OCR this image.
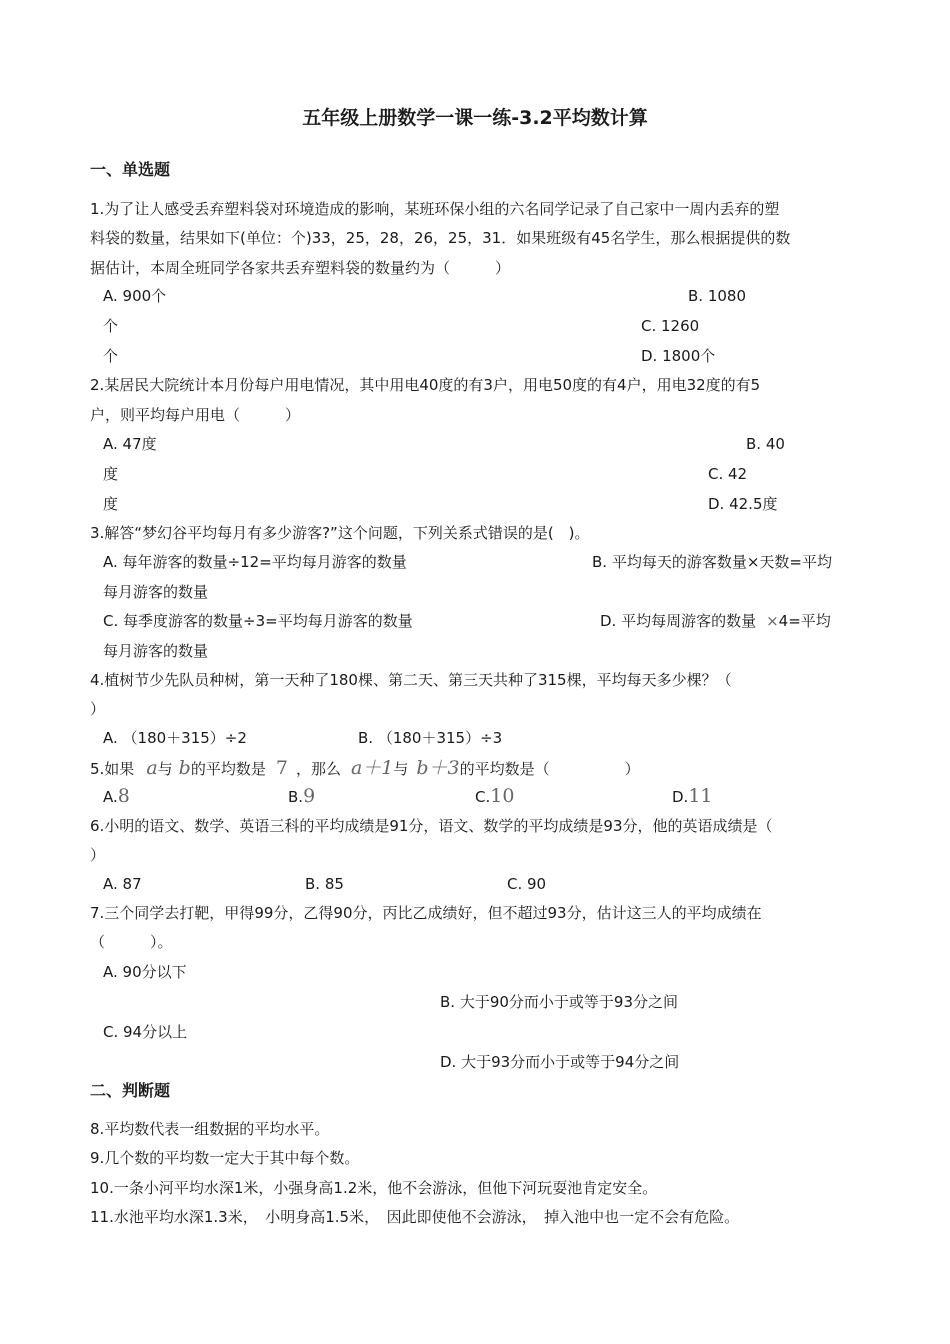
五年级上册数学一课一练-3.2平均数计算
一、单选题
1.为了让人感受丢弃塑料袋对环境造成的影响，某班环保小组的六名同学记录了自己家中一周内丢弃的塑
料袋的数量，结果如下(单位：个)33，25，28，26，25，31．如果班级有45名学生，那么根据提供的数
据估计，本周全班同学各家共丢弃塑料袋的数量约为（　　　）
A. 900个	B. 1080
个	C. 1260
个	D. 1800个
2.某居民大院统计本月份每户用电情况，其中用电40度的有3户，用电50度的有4户，用电32度的有5
户，则平均每户用电（　　　）
A. 47度	B. 40
度	C. 42
度	D. 42.5度
3.解答“梦幻谷平均每月有多少游客?”这个问题，下列关系式错误的是(　)。
A. 每年游客的数量÷12=平均每月游客的数量	B. 平均每天的游客数量×天数=平均
每月游客的数量
C. 每季度游客的数量÷3=平均每月游客的数量	D. 平均每周游客的数量 ×4=平均
每月游客的数量
4.植树节少先队员种树，第一天种了180棵、第二天、第三天共种了315棵，平均每天多少棵？（
）
A. （180＋315）÷2	B. （180＋315）÷3
5.如果 a与 b的平均数是 7 ，那么 a＋1与 b＋3的平均数是（　　　　　）
A.8	B.9	C.10	D.11
6.小明的语文、数学、英语三科的平均成绩是91分，语文、数学的平均成绩是93分，他的英语成绩是（
）
A. 87	B. 85	C. 90
7.三个同学去打靶，甲得99分，乙得90分，丙比乙成绩好，但不超过93分，估计这三人的平均成绩在
（　　　）。
A. 90分以下
B. 大于90分而小于或等于93分之间
C. 94分以上
D. 大于93分而小于或等于94分之间
二、判断题
8.平均数代表一组数据的平均水平。
9.几个数的平均数一定大于其中每个数。
10.一条小河平均水深1米，小强身高1.2米，他不会游泳，但他下河玩耍池肯定安全。
11.水池平均水深1.3米，　小明身高1.5米，　因此即使他不会游泳，　掉入池中也一定不会有危险。
